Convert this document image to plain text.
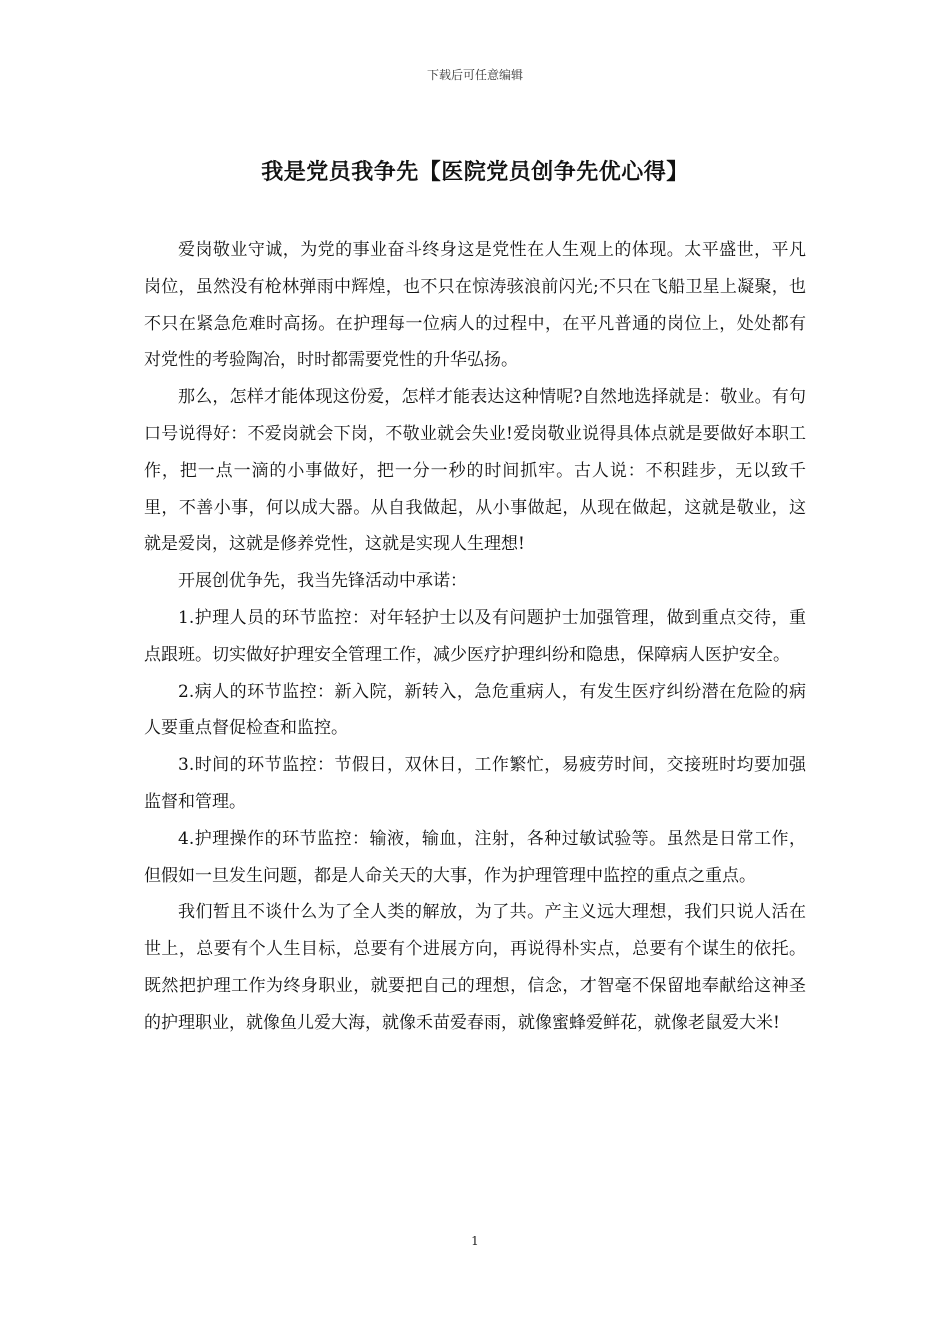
下载后可任意编辑
我是党员我争先【医院党员创争先优心得】

爱岗敬业守诚，为党的事业奋斗终身这是党性在人生观上的体现。太平盛世，平凡岗位，虽然没有枪林弹雨中辉煌，也不只在惊涛骇浪前闪光;不只在飞船卫星上凝聚，也不只在紧急危难时高扬。在护理每一位病人的过程中，在平凡普通的岗位上，处处都有对党性的考验陶冶，时时都需要党性的升华弘扬。

那么，怎样才能体现这份爱，怎样才能表达这种情呢?自然地选择就是：敬业。有句口号说得好：不爱岗就会下岗，不敬业就会失业!爱岗敬业说得具体点就是要做好本职工作，把一点一滴的小事做好，把一分一秒的时间抓牢。古人说：不积跬步，无以致千里，不善小事，何以成大器。从自我做起，从小事做起，从现在做起，这就是敬业，这就是爱岗，这就是修养党性，这就是实现人生理想!

开展创优争先，我当先锋活动中承诺：

1.护理人员的环节监控：对年轻护士以及有问题护士加强管理，做到重点交待，重点跟班。切实做好护理安全管理工作，减少医疗护理纠纷和隐患，保障病人医护安全。

2.病人的环节监控：新入院，新转入，急危重病人，有发生医疗纠纷潜在危险的病人要重点督促检查和监控。

3.时间的环节监控：节假日，双休日，工作繁忙，易疲劳时间，交接班时均要加强监督和管理。

4.护理操作的环节监控：输液，输血，注射，各种过敏试验等。虽然是日常工作，但假如一旦发生问题，都是人命关天的大事，作为护理管理中监控的重点之重点。

我们暂且不谈什么为了全人类的解放，为了共。产主义远大理想，我们只说人活在世上，总要有个人生目标，总要有个进展方向，再说得朴实点，总要有个谋生的依托。既然把护理工作为终身职业，就要把自己的理想，信念，才智毫不保留地奉献给这神圣的护理职业，就像鱼儿爱大海，就像禾苗爱春雨，就像蜜蜂爱鲜花，就像老鼠爱大米!

1
